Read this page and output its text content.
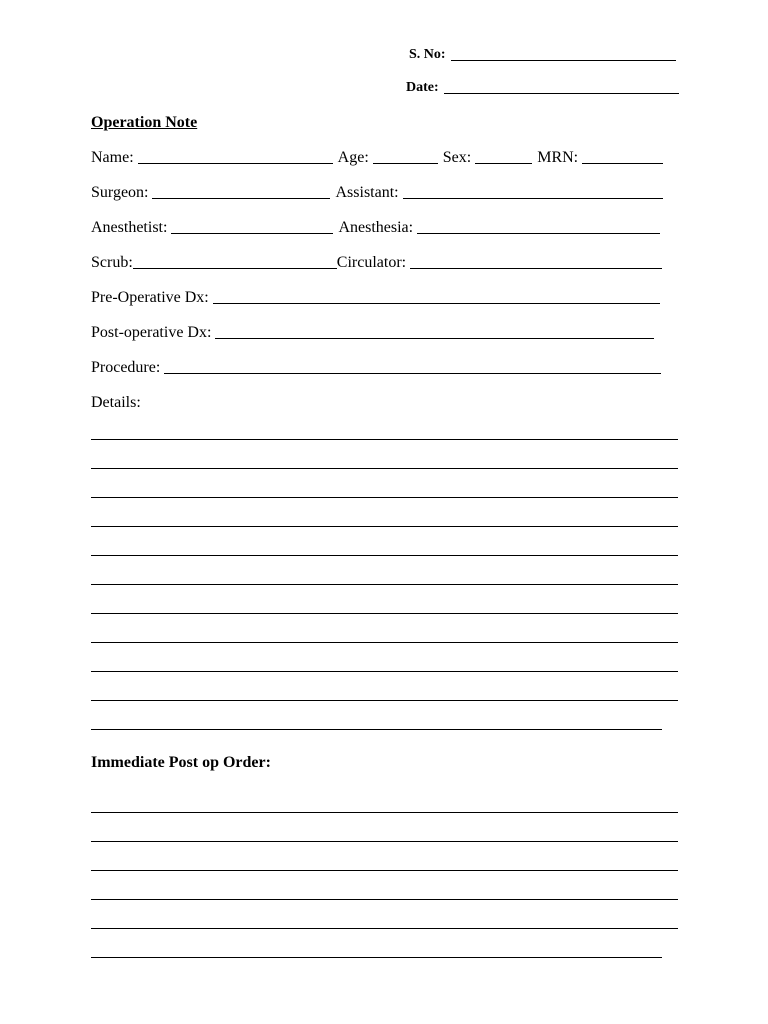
S. No:
Date:
Operation Note
Name:	Age:	Sex:	MRN:
Surgeon:	Assistant:
Anesthetist:	Anesthesia:
Scrub:	Circulator:
Pre-Operative Dx:
Post-operative Dx:
Procedure:
Details:
Immediate Post op Order:
